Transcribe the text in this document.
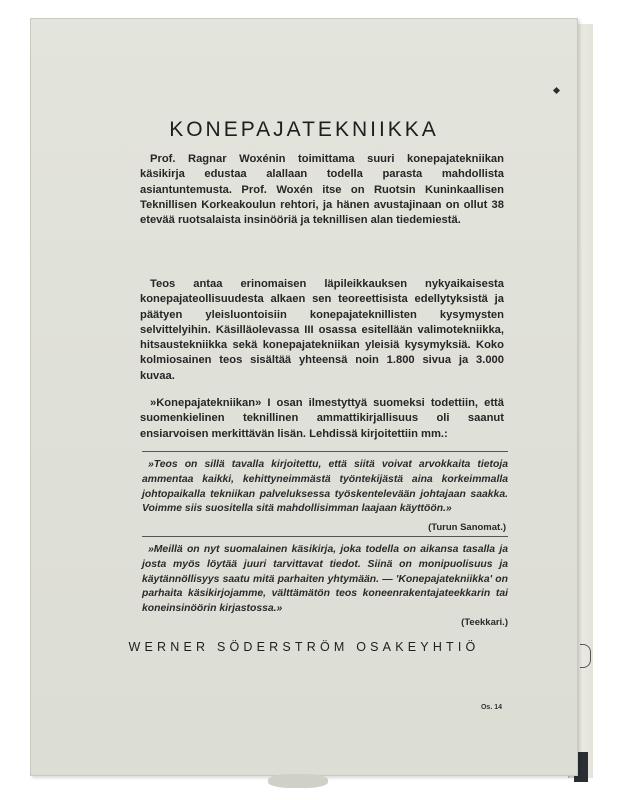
KONEPAJATEKNIIKKA
Prof. Ragnar Woxénin toimittama suuri konepajatekniikan käsikirja edustaa alallaan todella parasta mahdollista asiantuntemusta. Prof. Woxén itse on Ruotsin Kuninkaallisen Teknillisen Korkeakoulun rehtori, ja hänen avustajinaan on ollut 38 etevää ruotsalaista insinööriä ja teknillisen alan tiedemiestä.
Teos antaa erinomaisen läpileikkauksen nykyaikaisesta konepajateollisuudesta alkaen sen teoreettisista edellytyksistä ja päätyen yleisluontoisiin konepajateknillisten kysymysten selvittelyihin. Käsilläolevassa III osassa esitellään valimotekniikka, hitsaustekniikka sekä konepajatekniikan yleisiä kysymyksiä. Koko kolmiosainen teos sisältää yhteensä noin 1.800 sivua ja 3.000 kuvaa.
»Konepajatekniikan» I osan ilmestyttyä suomeksi todettiin, että suomenkielinen teknillinen ammattikirjallisuus oli saanut ensiarvoisen merkittävän lisän. Lehdissä kirjoitettiin mm.:
»Teos on sillä tavalla kirjoitettu, että siitä voivat arvokkaita tietoja ammentaa kaikki, kehittyneimmästä työntekijästä aina korkeimmalla johtopaikalla tekniikan palveluksessa työskentelevään johtajaan saakka. Voimme siis suositella sitä mahdollisimman laajaan käyttöön.»
(Turun Sanomat.)
»Meillä on nyt suomalainen käsikirja, joka todella on aikansa tasalla ja josta myös löytää juuri tarvittavat tiedot. Siinä on monipuolisuus ja käytännöllisyys saatu mitä parhaiten yhtymään. — 'Konepajatekniikka' on parhaita käsikirjojamme, välttämätön teos koneenrakentajateekkarin tai koneinsinöörin kirjastossa.»
(Teekkari.)
WERNER SÖDERSTRÖM OSAKEYHTIÖ
Os. 14
